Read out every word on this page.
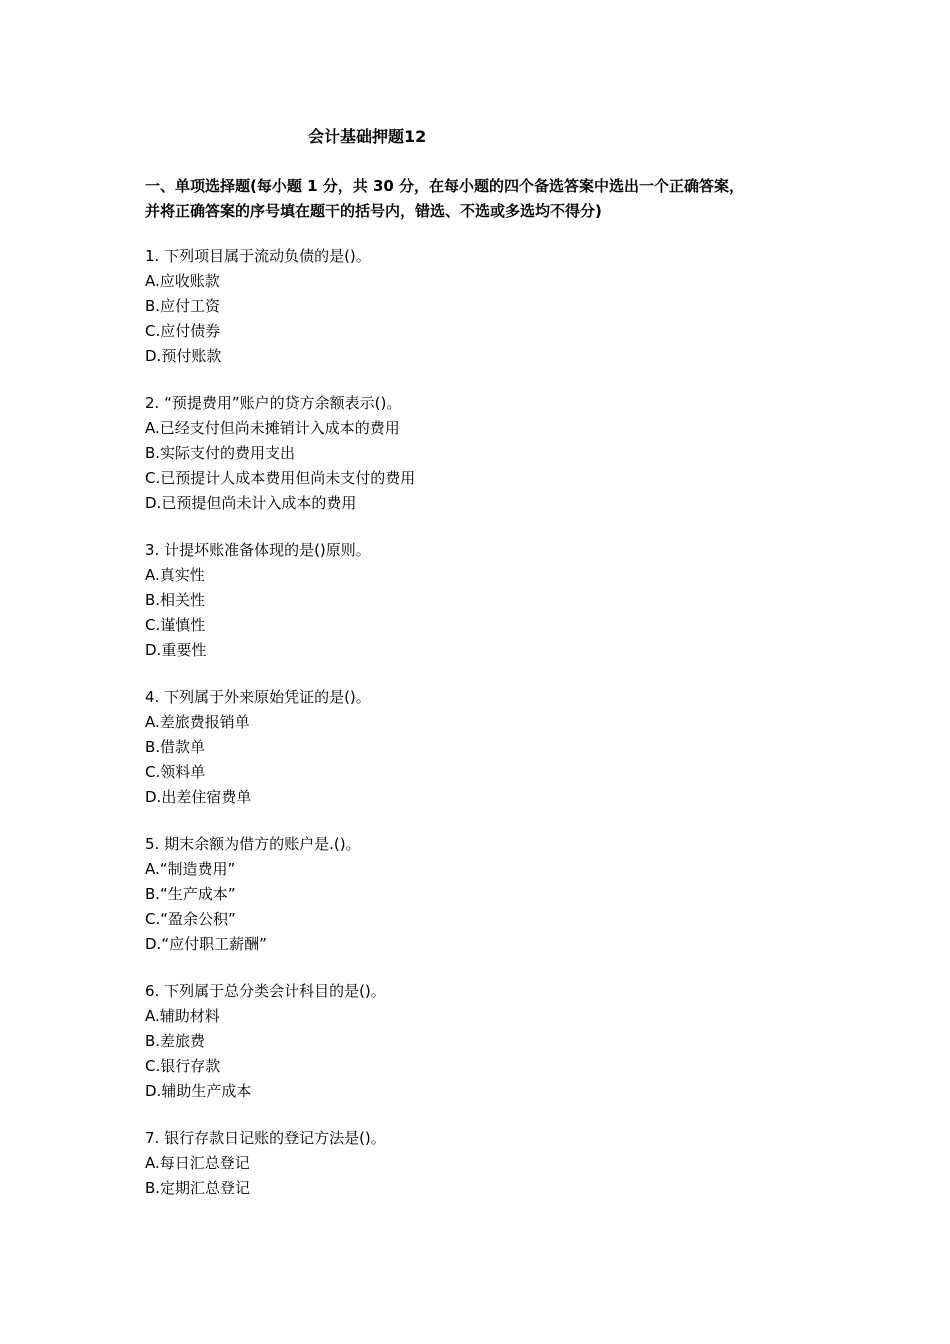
会计基础押题12
一、单项选择题(每小题 1 分，共 30 分，在每小题的四个备选答案中选出一个正确答案，
并将正确答案的序号填在题干的括号内，错选、不选或多选均不得分)
1. 下列项目属于流动负债的是()。
A.应收账款
B.应付工资
C.应付债券
D.预付账款
2. “预提费用”账户的贷方余额表示()。
A.已经支付但尚未摊销计入成本的费用
B.实际支付的费用支出
C.已预提计人成本费用但尚未支付的费用
D.已预提但尚未计入成本的费用
3. 计提坏账准备体现的是()原则。
A.真实性
B.相关性
C.谨慎性
D.重要性
4. 下列属于外来原始凭证的是()。
A.差旅费报销单
B.借款单
C.领料单
D.出差住宿费单
5. 期末余额为借方的账户是.()。
A.“制造费用”
B.“生产成本”
C.“盈余公积”
D.“应付职工薪酬”
6. 下列属于总分类会计科目的是()。
A.辅助材料
B.差旅费
C.银行存款
D.辅助生产成本
7. 银行存款日记账的登记方法是()。
A.每日汇总登记
B.定期汇总登记
